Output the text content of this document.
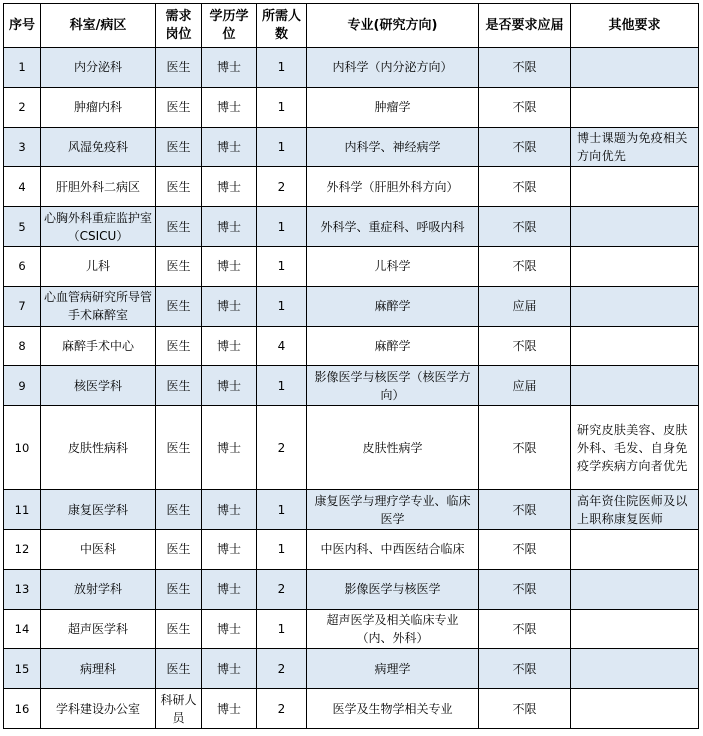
序号	科室/病区	需求岗位	学历学位	所需人数	专业(研究方向)	是否要求应届	其他要求
1	内分泌科	医生	博士	1	内科学（内分泌方向）	不限	
2	肿瘤内科	医生	博士	1	肿瘤学	不限	
3	风湿免疫科	医生	博士	1	内科学、神经病学	不限	博士课题为免疫相关方向优先
4	肝胆外科二病区	医生	博士	2	外科学（肝胆外科方向）	不限	
5	心胸外科重症监护室（CSICU）	医生	博士	1	外科学、重症科、呼吸内科	不限	
6	儿科	医生	博士	1	儿科学	不限	
7	心血管病研究所导管手术麻醉室	医生	博士	1	麻醉学	应届	
8	麻醉手术中心	医生	博士	4	麻醉学	不限	
9	核医学科	医生	博士	1	影像医学与核医学（核医学方向）	应届	
10	皮肤性病科	医生	博士	2	皮肤性病学	不限	研究皮肤美容、皮肤外科、毛发、自身免疫学疾病方向者优先
11	康复医学科	医生	博士	1	康复医学与理疗学专业、临床医学	不限	高年资住院医师及以上职称康复医师
12	中医科	医生	博士	1	中医内科、中西医结合临床	不限	
13	放射学科	医生	博士	2	影像医学与核医学	不限	
14	超声医学科	医生	博士	1	超声医学及相关临床专业（内、外科）	不限	
15	病理科	医生	博士	2	病理学	不限	
16	学科建设办公室	科研人员	博士	2	医学及生物学相关专业	不限	
